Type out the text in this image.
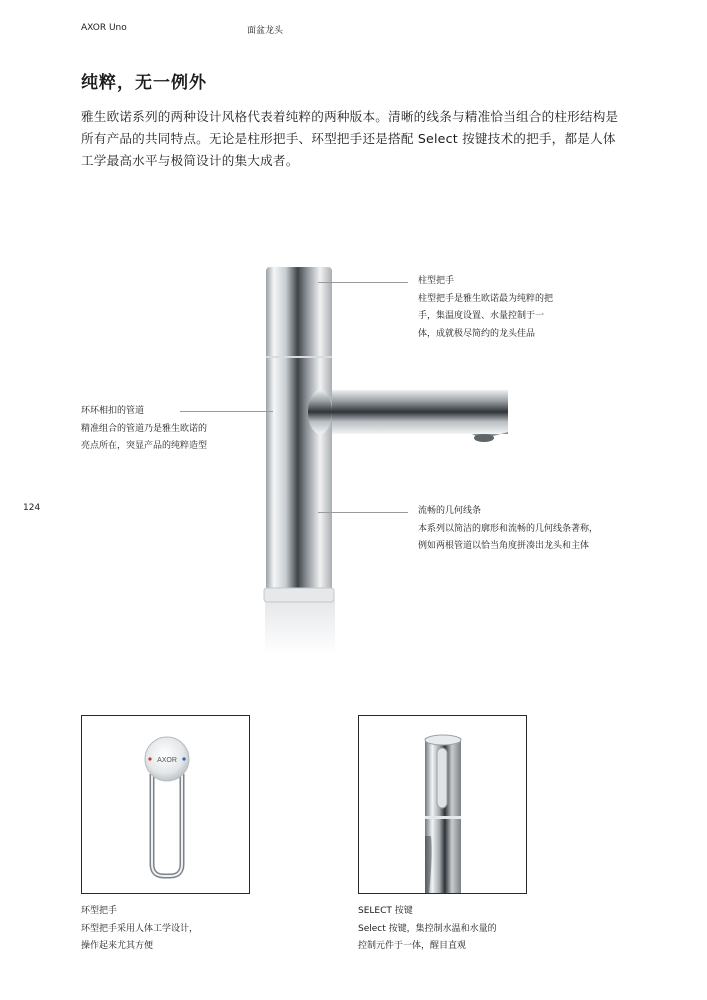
AXOR Uno	面盆龙头
纯粹，无一例外
雅生欧诺系列的两种设计风格代表着纯粹的两种版本。清晰的线条与精准恰当组合的柱形结构是所有产品的共同特点。无论是柱形把手、环型把手还是搭配 Select 按键技术的把手，都是人体工学最高水平与极简设计的集大成者。
柱型把手
柱型把手是雅生欧诺最为纯粹的把
手，集温度设置、水量控制于一
体，成就极尽简约的龙头佳品
环环相扣的管道
精准组合的管道乃是雅生欧诺的
亮点所在，突显产品的纯粹造型
流畅的几何线条
本系列以简洁的廓形和流畅的几何线条著称，
例如两根管道以恰当角度拼凑出龙头和主体
124
AXOR
环型把手
环型把手采用人体工学设计，
操作起来尤其方便
SELECT 按键
Select 按键，集控制水温和水量的
控制元件于一体，醒目直观
